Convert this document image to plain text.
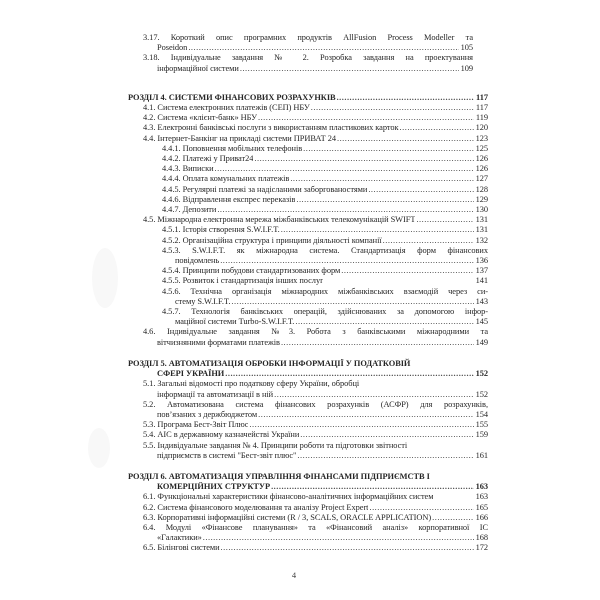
3.17. Короткий опис програмних продуктів AllFusion Process Modeller та
Poseidon .....	105
3.18. Індивідуальне завдання № 2. Розробка завдання на проектування
інформаційної системи .....	109
РОЗДІЛ 4. СИСТЕМИ ФІНАНСОВИХ РОЗРАХУНКІВ .....	117
4.1. Система електронних платежів (СЕП) НБУ .....	117
4.2. Система «клієнт-банк» НБУ .....	119
4.3. Електронні банківські послуги з використанням пластикових карток .....	120
4.4. Інтернет-Банкінг на прикладі системи ПРИВАТ 24 .....	123
4.4.1. Поповнення мобільних телефонів .....	125
4.4.2. Платежі у Приват24 .....	126
4.4.3. Виписки .....	126
4.4.4. Оплата комунальних платежів .....	127
4.4.5. Регулярні платежі за надісланими заборгованостями .....	128
4.4.6. Відправлення експрес переказів .....	129
4.4.7. Депозити .....	130
4.5. Міжнародна електронна мережа міжбанківських телекомунікацій SWIFT .....	131
4.5.1. Історія створення S.W.I.F.T. .....	131
4.5.2. Організаційна структура і принципи діяльності компанії .....	132
4.5.3. S.W.I.F.T. як міжнародна система. Стандартизація форм фінансових
повідомлень .....	136
4.5.4. Принципи побудови стандартизованих форм .....	137
4.5.5. Розвиток і стандартизація інших послуг	141
4.5.6. Технічна організація міжнародних міжбанківських взаємодій через си-
стему S.W.I.F.T. .....	143
4.5.7. Технологія банківських операцій, здійснюваних за допомогою інфор-
маційної системи Turbo-S.W.I.F.T. .....	145
4.6. Індивідуальне завдання №3. Робота з банківськими міжнародними та
вітчизняними форматами платежів .....	149
РОЗДІЛ 5. АВТОМАТИЗАЦІЯ ОБРОБКИ ІНФОРМАЦІЇ У ПОДАТКОВІЙ
СФЕРІ УКРАЇНИ .....	152
5.1. Загальні відомості про податкову сферу України, обробці
інформації та автоматизації в ній .....	152
5.2. Автоматизована система фінансових розрахунків (АСФР) для розрахунків,
пов’язаних з держбюджетом .....	154
5.3. Програма Бест-Звіт Плюс .....	155
5.4. АІС в державному казначействі України .....	159
5.5. Індивідуальне завдання № 4. Принципи роботи та підготовки звітності
підприємств в системі "Бест-звіт плюс" .....	161
РОЗДІЛ 6. АВТОМАТИЗАЦІЯ УПРАВЛІННЯ ФІНАНСАМИ ПІДПРИЄМСТВ І
КОМЕРЦІЙНИХ СТРУКТУР .....	163
6.1. Функціональні характеристики фінансово-аналітичних інформаційних систем	163
6.2. Система фінансового моделювання та аналізу Project Expert .....	165
6.3. Корпоративні інформаційні системи (R / 3, SCALS, ORACLE APPLICATION) .....	166
6.4. Модулі «Фінансове планування» та «Фінансовий аналіз» корпоративної ІС
«Галактики» .....	168
6.5. Білінгові системи .....	172
4
